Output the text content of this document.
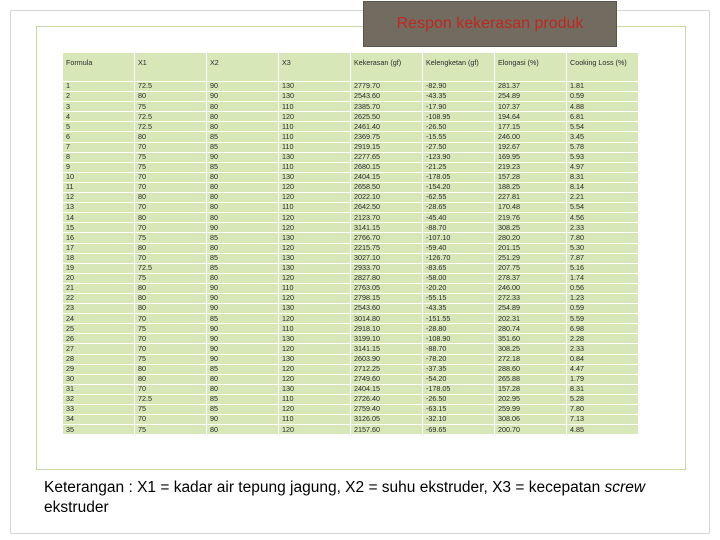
Respon kekerasan produk
Formula	X1	X2	X3	Kekerasan (gf)	Kelengketan (gf)	Elongasi (%)	Cooking Loss (%)
1	72.5	90	130	2779.70	-82.90	281.37	1.81
2	80	90	130	2543.60	-43.35	254.89	0.59
3	75	80	110	2385.70	-17.90	107.37	4.88
4	72.5	80	120	2625.50	-108.95	194.64	6.81
5	72.5	80	110	2461.40	-26.50	177.15	5.54
6	80	85	110	2369.75	-15.55	246.00	3.45
7	70	85	110	2919.15	-27.50	192.67	5.78
8	75	90	130	2277.65	-123.90	169.95	5.93
9	75	85	110	2680.15	-21.25	219.23	4.97
10	70	80	130	2404.15	-178.05	157.28	8.31
11	70	80	120	2658.50	-154.20	188.25	8.14
12	80	80	120	2022.10	-62.55	227.81	2.21
13	70	80	110	2642.50	-28.65	170.48	5.54
14	80	80	120	2123.70	-45.40	219.76	4.56
15	70	90	120	3141.15	-88.70	308.25	2.33
16	75	85	130	2766.70	-107.10	280.20	7.80
17	80	80	120	2215.75	-59.40	201.15	5.30
18	70	85	130	3027.10	-126.70	251.29	7.87
19	72.5	85	130	2933.70	-83.65	207.75	5.16
20	75	80	120	2827.80	-58.00	278.37	1.74
21	80	90	110	2763.05	-20.20	246.00	0.56
22	80	90	120	2798.15	-55.15	272.33	1.23
23	80	90	130	2543.60	-43.35	254.89	0.59
24	70	85	120	3014.80	-151.55	202.31	5.59
25	75	90	110	2918.10	-28.80	280.74	6.98
26	70	90	130	3199.10	-108.90	351.60	2.28
27	70	90	120	3141.15	-88.70	308.25	2.33
28	75	90	130	2603.90	-78.20	272.18	0.84
29	80	85	120	2712.25	-37.35	288.60	4.47
30	80	80	120	2749.60	-54.20	265.88	1.79
31	70	80	130	2404.15	-178.05	157.28	8.31
32	72.5	85	110	2726.40	-26.50	202.95	5.28
33	75	85	120	2759.40	-63.15	259.99	7.80
34	70	90	110	3126.05	-32.10	308.06	7.13
35	75	80	120	2157.60	-69.65	200.70	4.85
Keterangan : X1 = kadar air tepung jagung, X2 = suhu ekstruder, X3 = kecepatan screw ekstruder
